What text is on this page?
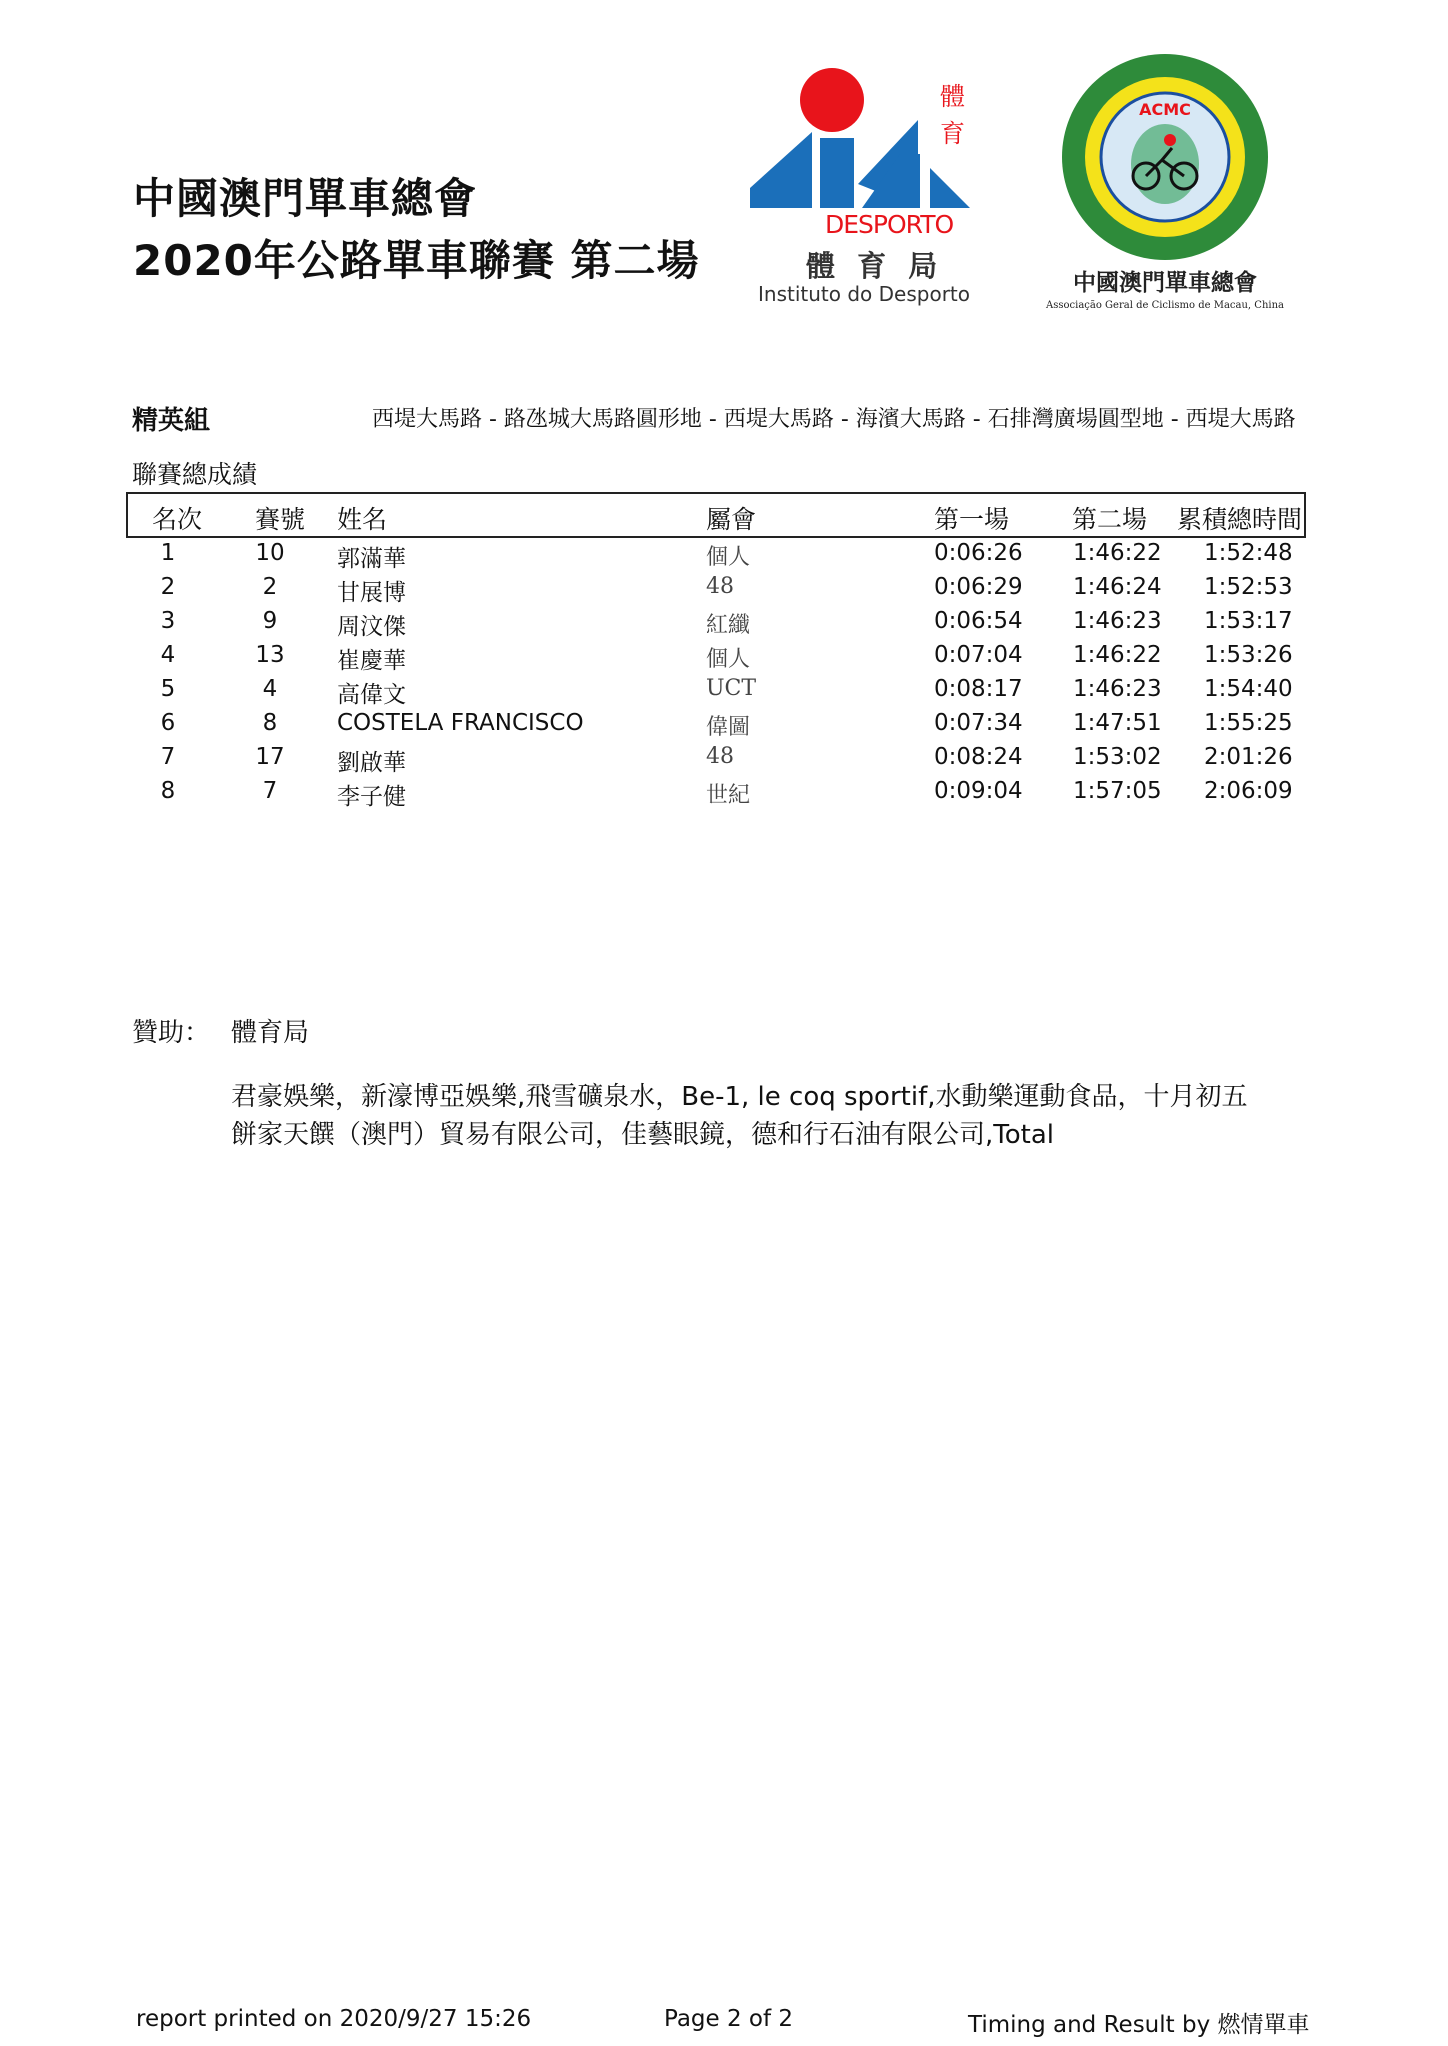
中國澳門單車總會
2020年公路單車聯賽 第二場
體
育
DESPORTO
體 育 局
Instituto do Desporto
ACMC
中國澳門單車總會
Associação Geral de Ciclismo de Macau, China
精英組	西堤大馬路 - 路氹城大馬路圓形地 - 西堤大馬路 - 海濱大馬路 - 石排灣廣場圓型地 - 西堤大馬路
聯賽總成績
名次 賽號 姓名	屬會	第一場	第二場 累積總時間
1	10 郭滿華	個人	0:06:26 1:46:22 1:52:48
2	2	甘展博	48	0:06:29 1:46:24 1:52:53
3	9	周汶傑	紅纖	0:06:54 1:46:23 1:53:17
4	13 崔慶華	個人	0:07:04 1:46:22 1:53:26
5	4	高偉文	UCT	0:08:17 1:46:23 1:54:40
6	8	COSTELA FRANCISCO	偉圖	0:07:34 1:47:51 1:55:25
7	17 劉啟華	48	0:08:24 1:53:02 2:01:26
8	7	李子健	世紀	0:09:04 1:57:05 2:06:09
贊助： 體育局
君豪娛樂，新濠博亞娛樂,飛雪礦泉水，Be-1, le coq sportif,水動樂運動食品，十月初五
餅家天饌（澳門）貿易有限公司，佳藝眼鏡，德和行石油有限公司,Total
report printed on 2020/9/27 15:26	Page 2 of 2	Timing and Result by 燃情單車
